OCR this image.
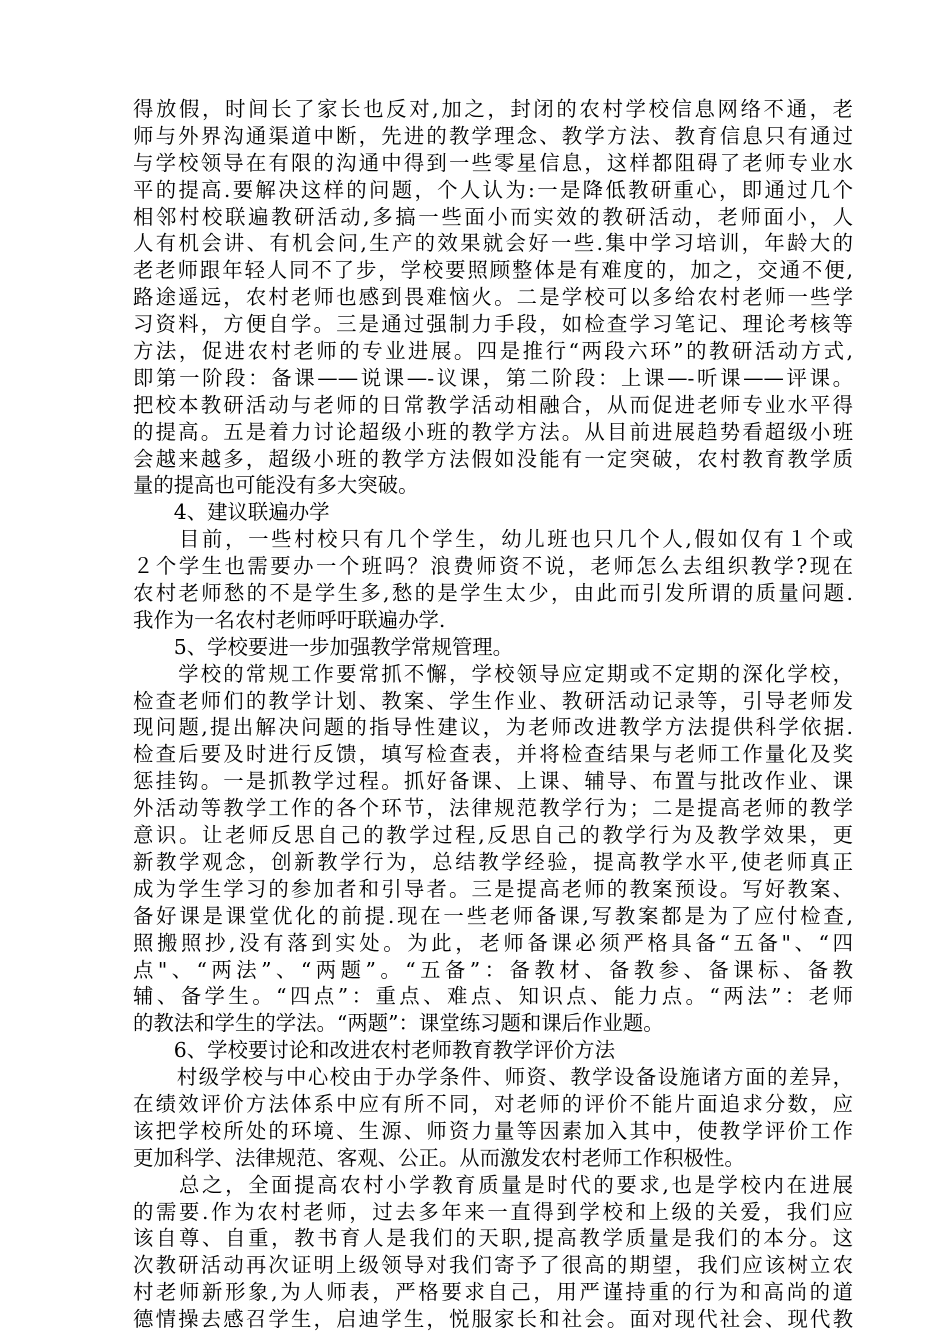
得放假，时间长了家长也反对,加之，封闭的农村学校信息网络不通，老
师与外界沟通渠道中断，先进的教学理念、教学方法、教育信息只有通过
与学校领导在有限的沟通中得到一些零星信息，这样都阻碍了老师专业水
平的提高.要解决这样的问题，个人认为:一是降低教研重心，即通过几个
相邻村校联遍教研活动,多搞一些面小而实效的教研活动，老师面小，人
人有机会讲、有机会问,生产的效果就会好一些.集中学习培训，年龄大的
老老师跟年轻人同不了步，学校要照顾整体是有难度的，加之，交通不便,
路途遥远，农村老师也感到畏难恼火。二是学校可以多给农村老师一些学
习资料，方便自学。三是通过强制力手段，如检查学习笔记、理论考核等
方法，促进农村老师的专业进展。四是推行“两段六环”的教研活动方式,
即第一阶段：备课——说课—-议课，第二阶段：上课—-听课——评课。
把校本教研活动与老师的日常教学活动相融合，从而促进老师专业水平得
的提高。五是着力讨论超级小班的教学方法。从目前进展趋势看超级小班
会越来越多，超级小班的教学方法假如没能有一定突破，农村教育教学质
量的提高也可能没有多大突破。
　　4、建议联遍办学
　　目前，一些村校只有几个学生，幼儿班也只几个人,假如仅有１个或
２个学生也需要办一个班吗？浪费师资不说，老师怎么去组织教学?现在
农村老师愁的不是学生多,愁的是学生太少，由此而引发所谓的质量问题.
我作为一名农村老师呼吁联遍办学.
　　5、学校要进一步加强教学常规管理。
　　学校的常规工作要常抓不懈，学校领导应定期或不定期的深化学校，
检查老师们的教学计划、教案、学生作业、教研活动记录等，引导老师发
现问题,提出解决问题的指导性建议，为老师改进教学方法提供科学依据.
检查后要及时进行反馈，填写检查表，并将检查结果与老师工作量化及奖
惩挂钩。一是抓教学过程。抓好备课、上课、辅导、布置与批改作业、课
外活动等教学工作的各个环节，法律规范教学行为；二是提高老师的教学
意识。让老师反思自己的教学过程,反思自己的教学行为及教学效果，更
新教学观念，创新教学行为，总结教学经验，提高教学水平,使老师真正
成为学生学习的参加者和引导者。三是提高老师的教案预设。写好教案、
备好课是课堂优化的前提.现在一些老师备课,写教案都是为了应付检查,
照搬照抄,没有落到实处。为此，老师备课必须严格具备“五备"、“四
点"、“两法”、“两题”。“五备”：备教材、备教参、备课标、备教
辅、备学生。“四点”：重点、难点、知识点、能力点。“两法”：老师
的教法和学生的学法。“两题”：课堂练习题和课后作业题。
　　6、学校要讨论和改进农村老师教育教学评价方法
　　村级学校与中心校由于办学条件、师资、教学设备设施诸方面的差异，
在绩效评价方法体系中应有所不同，对老师的评价不能片面追求分数，应
该把学校所处的环境、生源、师资力量等因素加入其中，使教学评价工作
更加科学、法律规范、客观、公正。从而激发农村老师工作积极性。
　　总之，全面提高农村小学教育质量是时代的要求,也是学校内在进展
的需要.作为农村老师，过去多年来一直得到学校和上级的关爱，我们应
该自尊、自重，教书育人是我们的天职,提高教学质量是我们的本分。这
次教研活动再次证明上级领导对我们寄予了很高的期望，我们应该树立农
村老师新形象,为人师表，严格要求自己，用严谨持重的行为和高尚的道
德情操去感召学生，启迪学生，悦服家长和社会。面对现代社会、现代教
